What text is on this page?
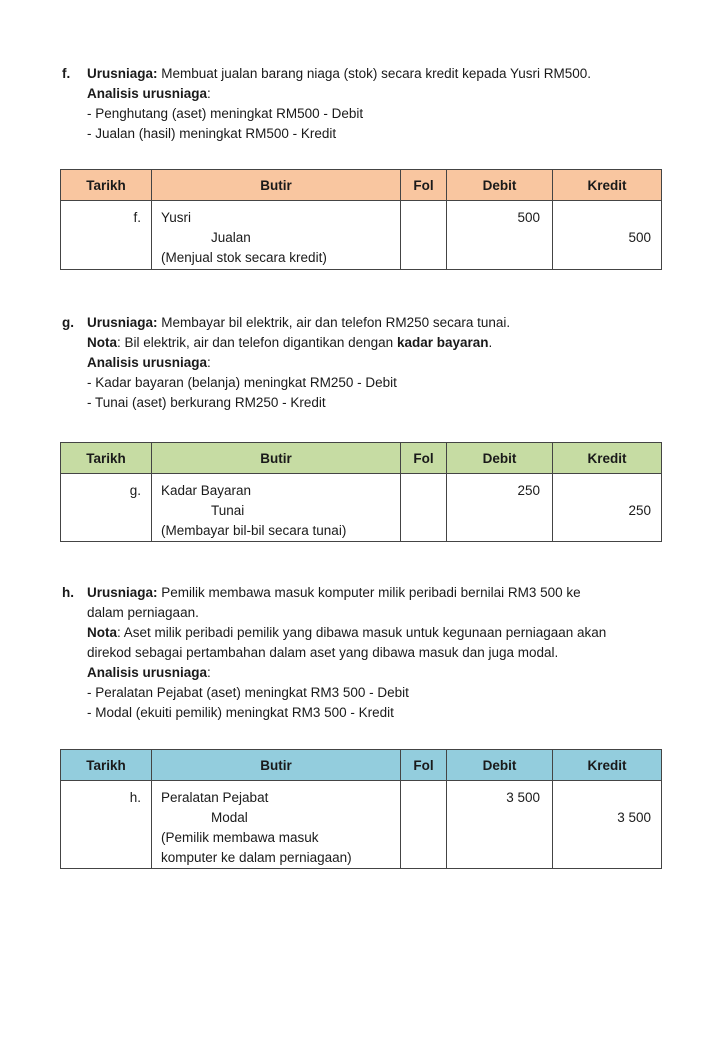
f. Urusniaga: Membuat jualan barang niaga (stok) secara kredit kepada Yusri RM500.
Analisis urusniaga:
- Penghutang (aset) meningkat RM500 - Debit
- Jualan (hasil) meningkat RM500 - Kredit
Tarikh	Butir	Fol	Debit	Kredit
f.	Yusri
Jualan
(Menjual stok secara kredit)		500	500
g. Urusniaga: Membayar bil elektrik, air dan telefon RM250 secara tunai.
Nota: Bil elektrik, air dan telefon digantikan dengan kadar bayaran.
Analisis urusniaga:
- Kadar bayaran (belanja) meningkat RM250 - Debit
- Tunai (aset) berkurang RM250 - Kredit
Tarikh	Butir	Fol	Debit	Kredit
g.	Kadar Bayaran
Tunai
(Membayar bil-bil secara tunai)		250	250
h. Urusniaga: Pemilik membawa masuk komputer milik peribadi bernilai RM3 500 ke
dalam perniagaan.
Nota: Aset milik peribadi pemilik yang dibawa masuk untuk kegunaan perniagaan akan
direkod sebagai pertambahan dalam aset yang dibawa masuk dan juga modal.
Analisis urusniaga:
- Peralatan Pejabat (aset) meningkat RM3 500 - Debit
- Modal (ekuiti pemilik) meningkat RM3 500 - Kredit
Tarikh	Butir	Fol	Debit	Kredit
h.	Peralatan Pejabat
Modal
(Pemilik membawa masuk
komputer ke dalam perniagaan)		3 500	3 500
